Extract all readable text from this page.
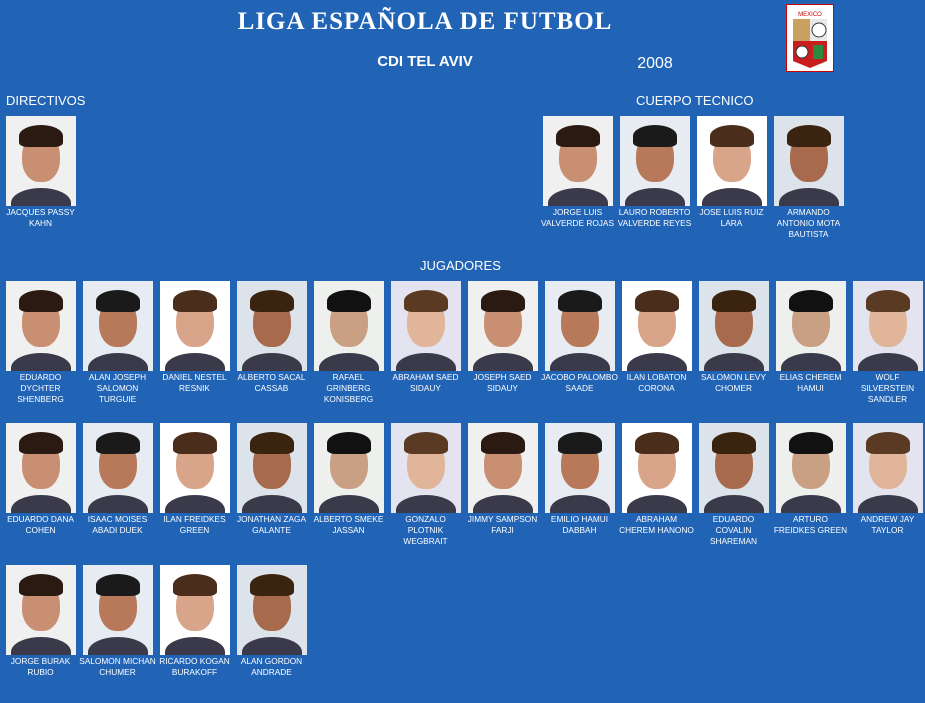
LIGA ESPAÑOLA DE FUTBOL
CDI TEL AVIV	2008
MEXICO
DIRECTIVOS	CUERPO TECNICO
JUGADORES
JACQUES PASSY KAHN
JORGE LUIS VALVERDE ROJAS
LAURO ROBERTO VALVERDE REYES
JOSE LUIS RUIZ LARA
ARMANDO ANTONIO MOTA BAUTISTA
EDUARDO DYCHTER SHENBERG
ALAN JOSEPH SALOMON TURGUIE
DANIEL NESTEL RESNIK
ALBERTO SACAL CASSAB
RAFAEL GRINBERG KONISBERG
ABRAHAM SAED SIDAUY
JOSEPH SAED SIDAUY
JACOBO PALOMBO SAADE
ILAN LOBATON CORONA
SALOMON LEVY CHOMER
ELIAS CHEREM HAMUI
WOLF SILVERSTEIN SANDLER
EDUARDO DANA COHEN
ISAAC MOISES ABADI DUEK
ILAN FREIDKES GREEN
JONATHAN ZAGA GALANTE
ALBERTO SMEKE JASSAN
GONZALO PLOTNIK WEGBRAIT
JIMMY SAMPSON FARJI
EMILIO HAMUI DABBAH
ABRAHAM CHEREM HANONO
EDUARDO COVALIN SHAREMAN
ARTURO FREIDKES GREEN
ANDREW JAY TAYLOR
JORGE BURAK RUBIO
SALOMON MICHAN CHUMER
RICARDO KOGAN BURAKOFF
ALAN GORDON ANDRADE
